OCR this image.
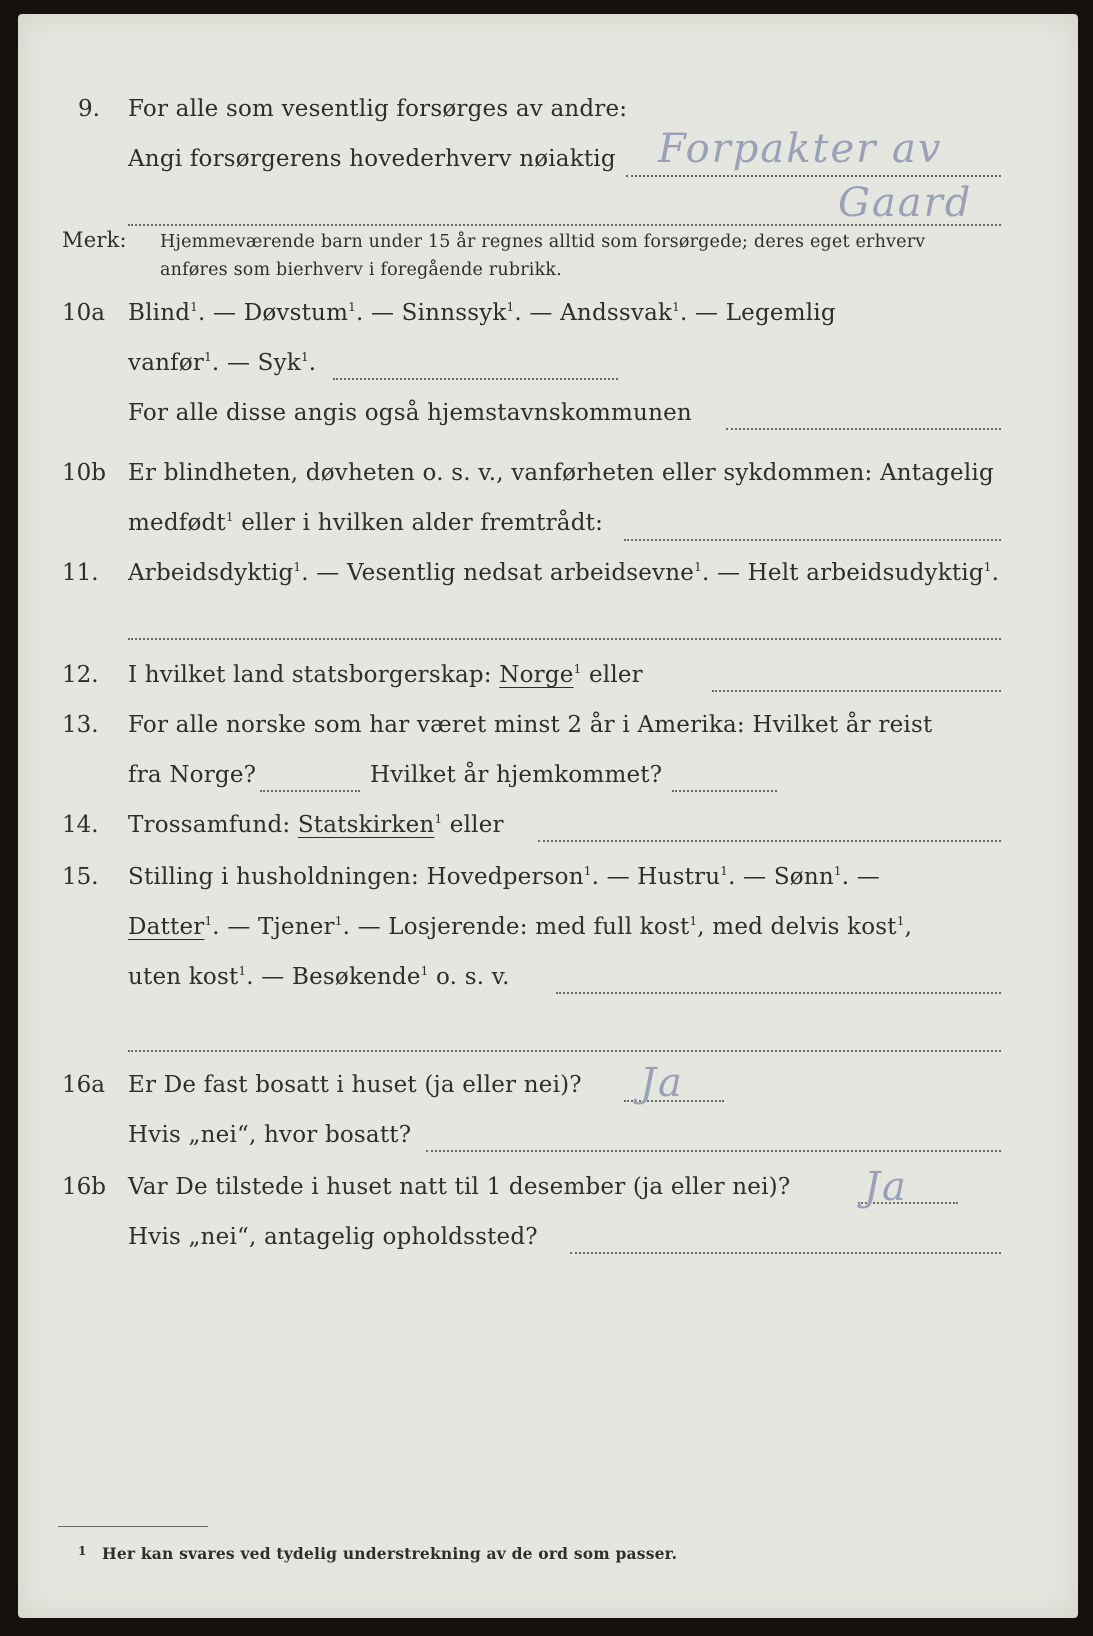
9. For alle som vesentlig forsørges av andre:
Angi forsørgerens hovederhverv nøiaktig Forpakter av
Gaard
Merk: Hjemmeværende barn under 15 år regnes alltid som forsørgede; deres eget erhverv
anføres som bierhverv i foregående rubrikk.
10a Blind$^1$. — Døvstum$^1$. — Sinnssyk$^1$. — Andssvak$^1$. — Legemlig
vanfør$^1$. — Syk$^1$.
For alle disse angis også hjemstavnskommunen
10b Er blindheten, døvheten o. s. v., vanførheten eller sykdommen: Antagelig
medfødt$^1$ eller i hvilken alder fremtrådt:
11. Arbeidsdyktig$^1$. — Vesentlig nedsat arbeidsevne$^1$. — Helt arbeidsudyktig$^1$.
12. I hvilket land statsborgerskap: Norge$^1$ eller
13. For alle norske som har været minst 2 år i Amerika: Hvilket år reist
fra Norge?	Hvilket år hjemkommet?
14. Trossamfund: Statskirken$^1$ eller
15. Stilling i husholdningen: Hovedperson$^1$. — Hustru$^1$. — Sønn$^1$. —
Datter$^1$. — Tjener$^1$. — Losjerende: med full kost$^1$, med delvis kost$^1$,
uten kost$^1$. — Besøkende$^1$ o. s. v.
16a Er De fast bosatt i huset (ja eller nei)? Ja
Hvis „nei“, hvor bosatt?
16b Var De tilstede i huset natt til 1 desember (ja eller nei)? Ja
Hvis „nei“, antagelig opholdssted?
1 Her kan svares ved tydelig understrekning av de ord som passer.
